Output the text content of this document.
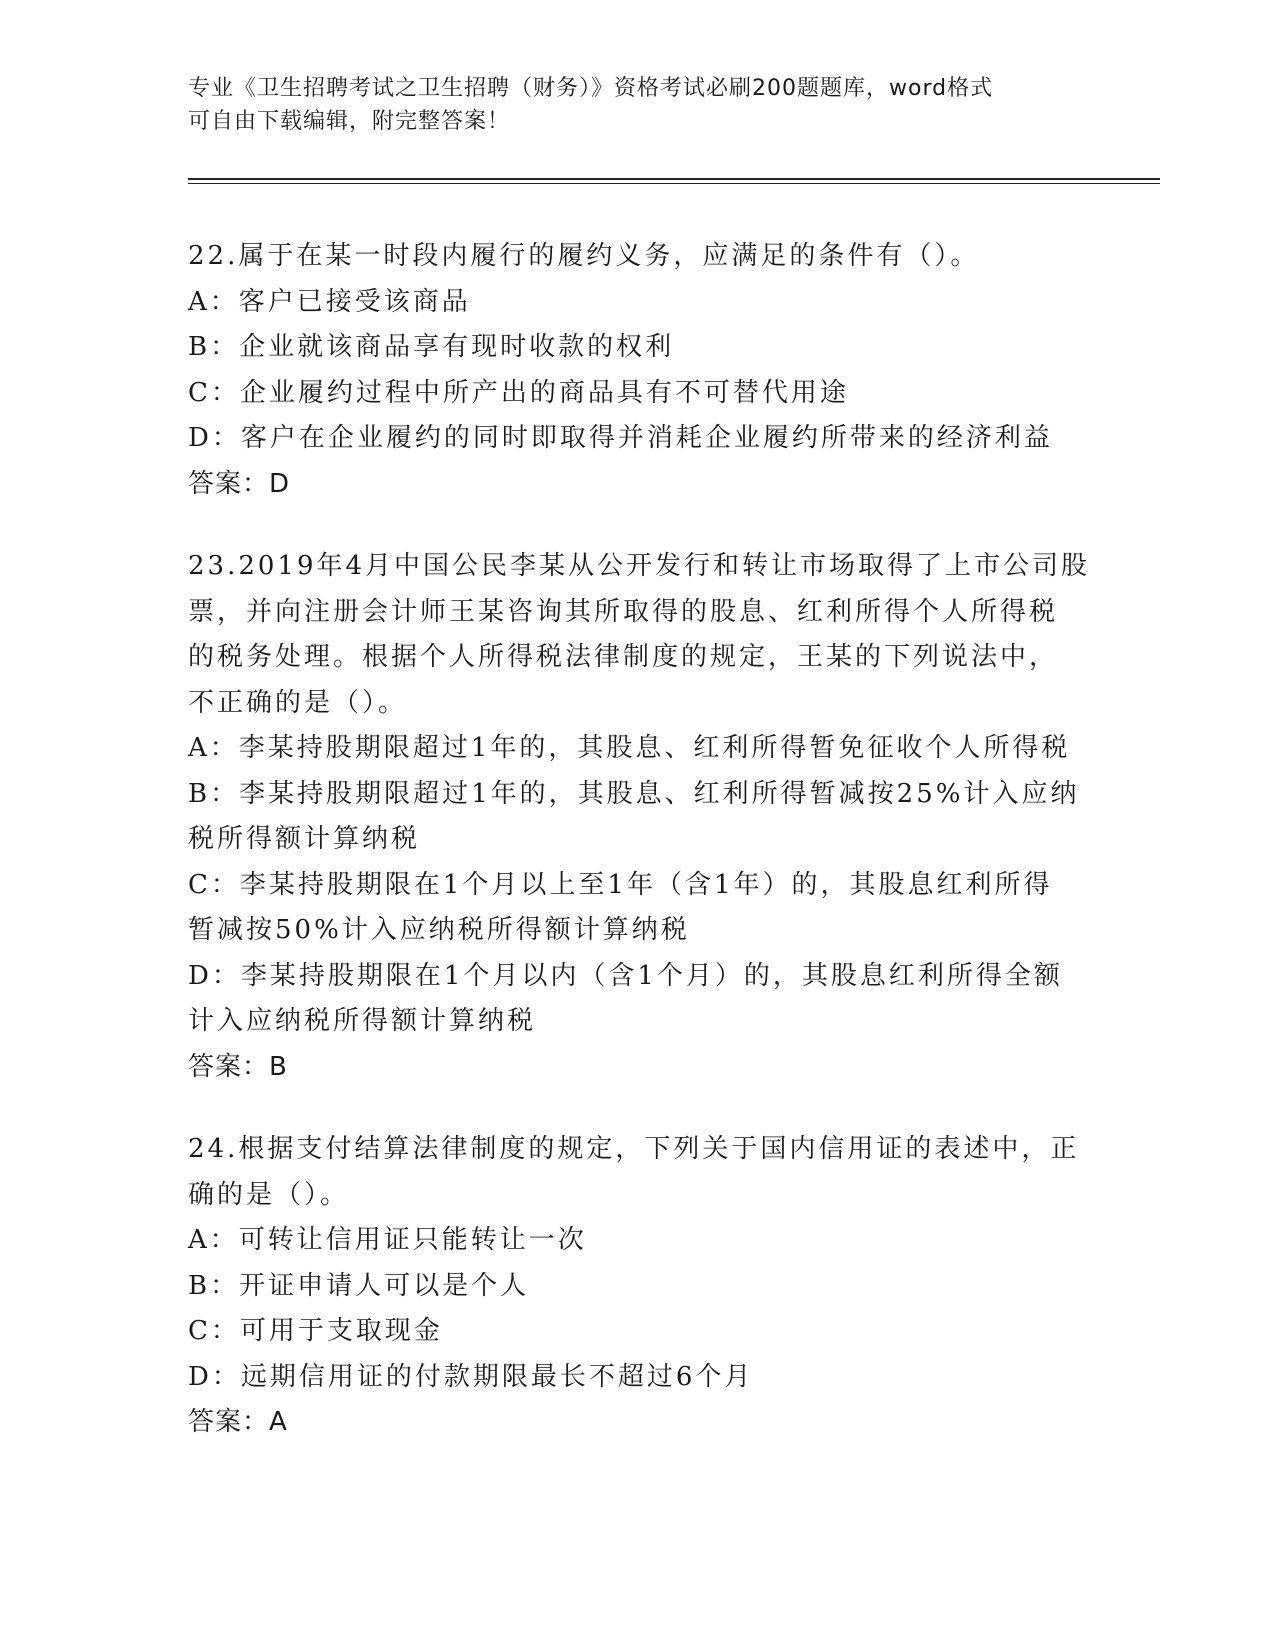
专业《卫生招聘考试之卫生招聘（财务）》资格考试必刷200题题库，word格式
可自由下载编辑，附完整答案！
22.属于在某一时段内履行的履约义务，应满足的条件有（）。
A：客户已接受该商品
B：企业就该商品享有现时收款的权利
C：企业履约过程中所产出的商品具有不可替代用途
D：客户在企业履约的同时即取得并消耗企业履约所带来的经济利益
答案：D
23.2019年4月中国公民李某从公开发行和转让市场取得了上市公司股
票，并向注册会计师王某咨询其所取得的股息、红利所得个人所得税
的税务处理。根据个人所得税法律制度的规定，王某的下列说法中，
不正确的是（）。
A：李某持股期限超过1年的，其股息、红利所得暂免征收个人所得税
B：李某持股期限超过1年的，其股息、红利所得暂减按25%计入应纳
税所得额计算纳税
C：李某持股期限在1个月以上至1年（含1年）的，其股息红利所得
暂减按50%计入应纳税所得额计算纳税
D：李某持股期限在1个月以内（含1个月）的，其股息红利所得全额
计入应纳税所得额计算纳税
答案：B
24.根据支付结算法律制度的规定，下列关于国内信用证的表述中，正
确的是（）。
A：可转让信用证只能转让一次
B：开证申请人可以是个人
C：可用于支取现金
D：远期信用证的付款期限最长不超过6个月
答案：A
